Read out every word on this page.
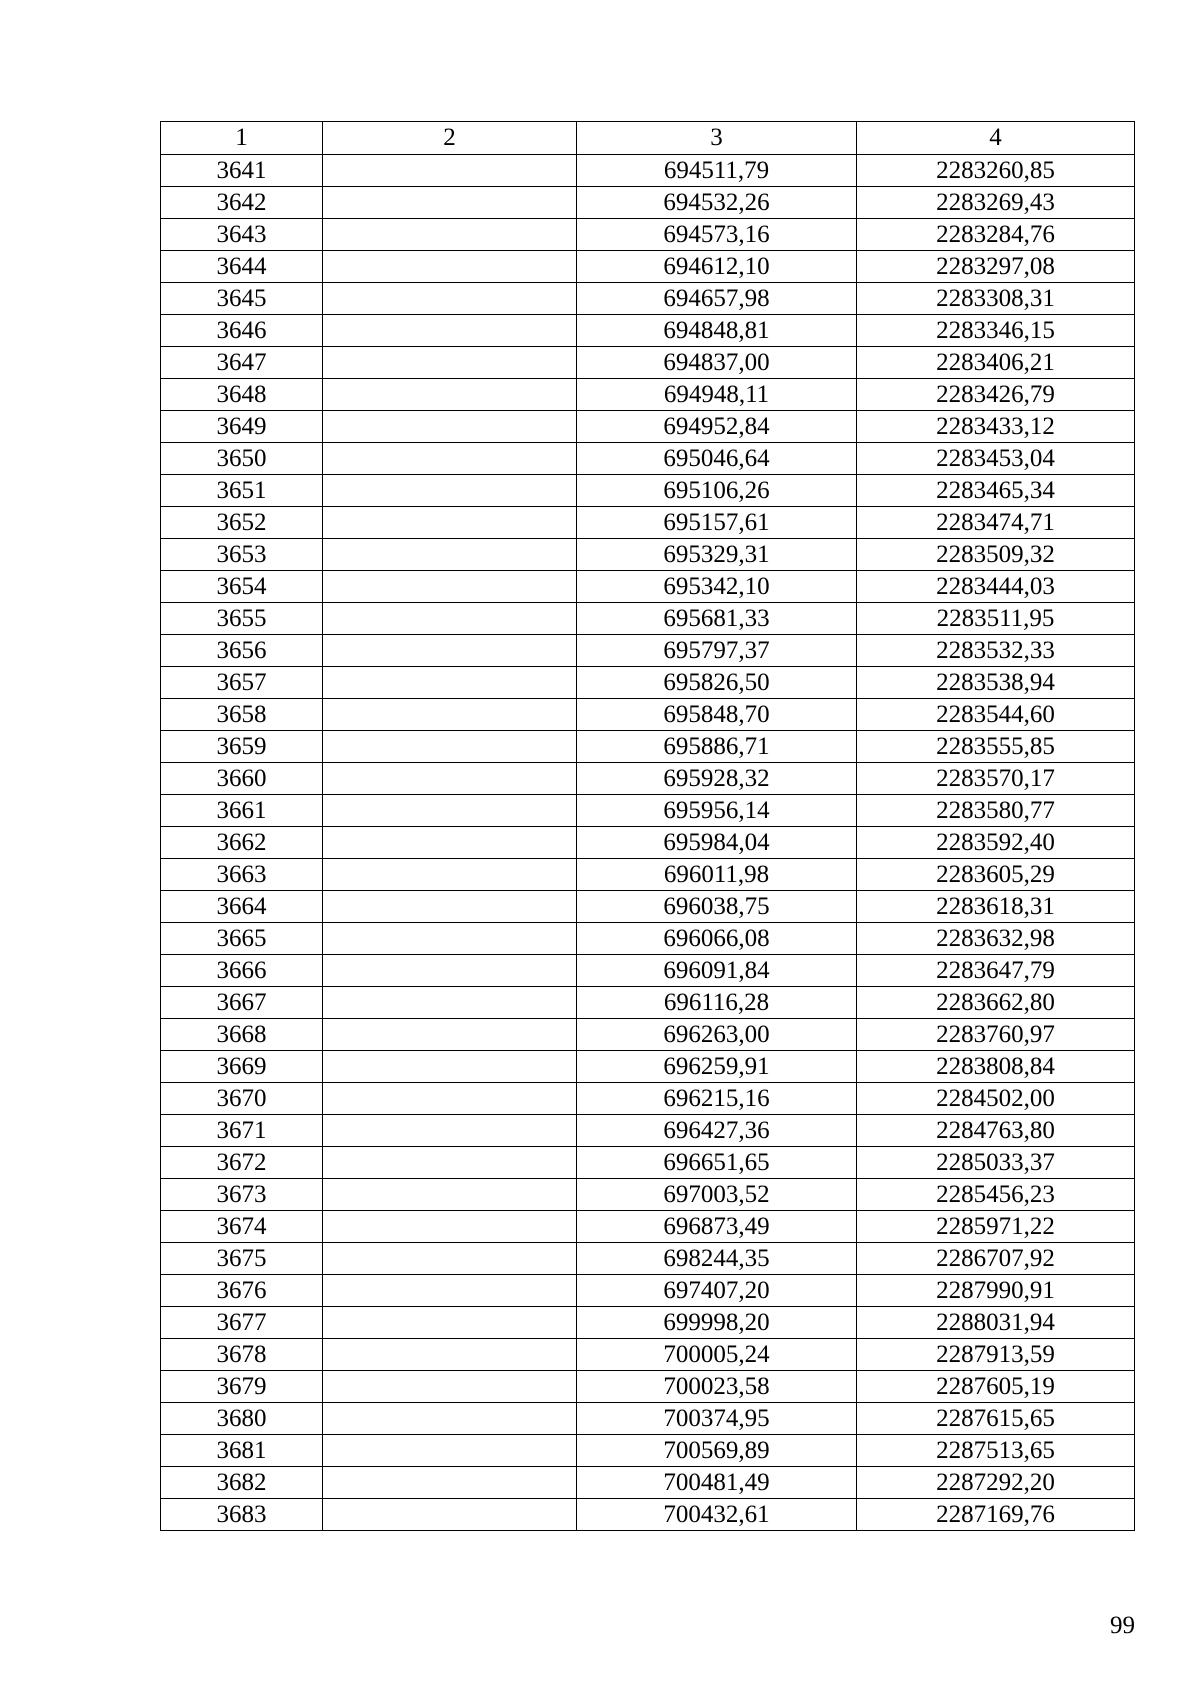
1	2	3	4
3641		694511,79	2283260,85
3642		694532,26	2283269,43
3643		694573,16	2283284,76
3644		694612,10	2283297,08
3645		694657,98	2283308,31
3646		694848,81	2283346,15
3647		694837,00	2283406,21
3648		694948,11	2283426,79
3649		694952,84	2283433,12
3650		695046,64	2283453,04
3651		695106,26	2283465,34
3652		695157,61	2283474,71
3653		695329,31	2283509,32
3654		695342,10	2283444,03
3655		695681,33	2283511,95
3656		695797,37	2283532,33
3657		695826,50	2283538,94
3658		695848,70	2283544,60
3659		695886,71	2283555,85
3660		695928,32	2283570,17
3661		695956,14	2283580,77
3662		695984,04	2283592,40
3663		696011,98	2283605,29
3664		696038,75	2283618,31
3665		696066,08	2283632,98
3666		696091,84	2283647,79
3667		696116,28	2283662,80
3668		696263,00	2283760,97
3669		696259,91	2283808,84
3670		696215,16	2284502,00
3671		696427,36	2284763,80
3672		696651,65	2285033,37
3673		697003,52	2285456,23
3674		696873,49	2285971,22
3675		698244,35	2286707,92
3676		697407,20	2287990,91
3677		699998,20	2288031,94
3678		700005,24	2287913,59
3679		700023,58	2287605,19
3680		700374,95	2287615,65
3681		700569,89	2287513,65
3682		700481,49	2287292,20
3683		700432,61	2287169,76
99
